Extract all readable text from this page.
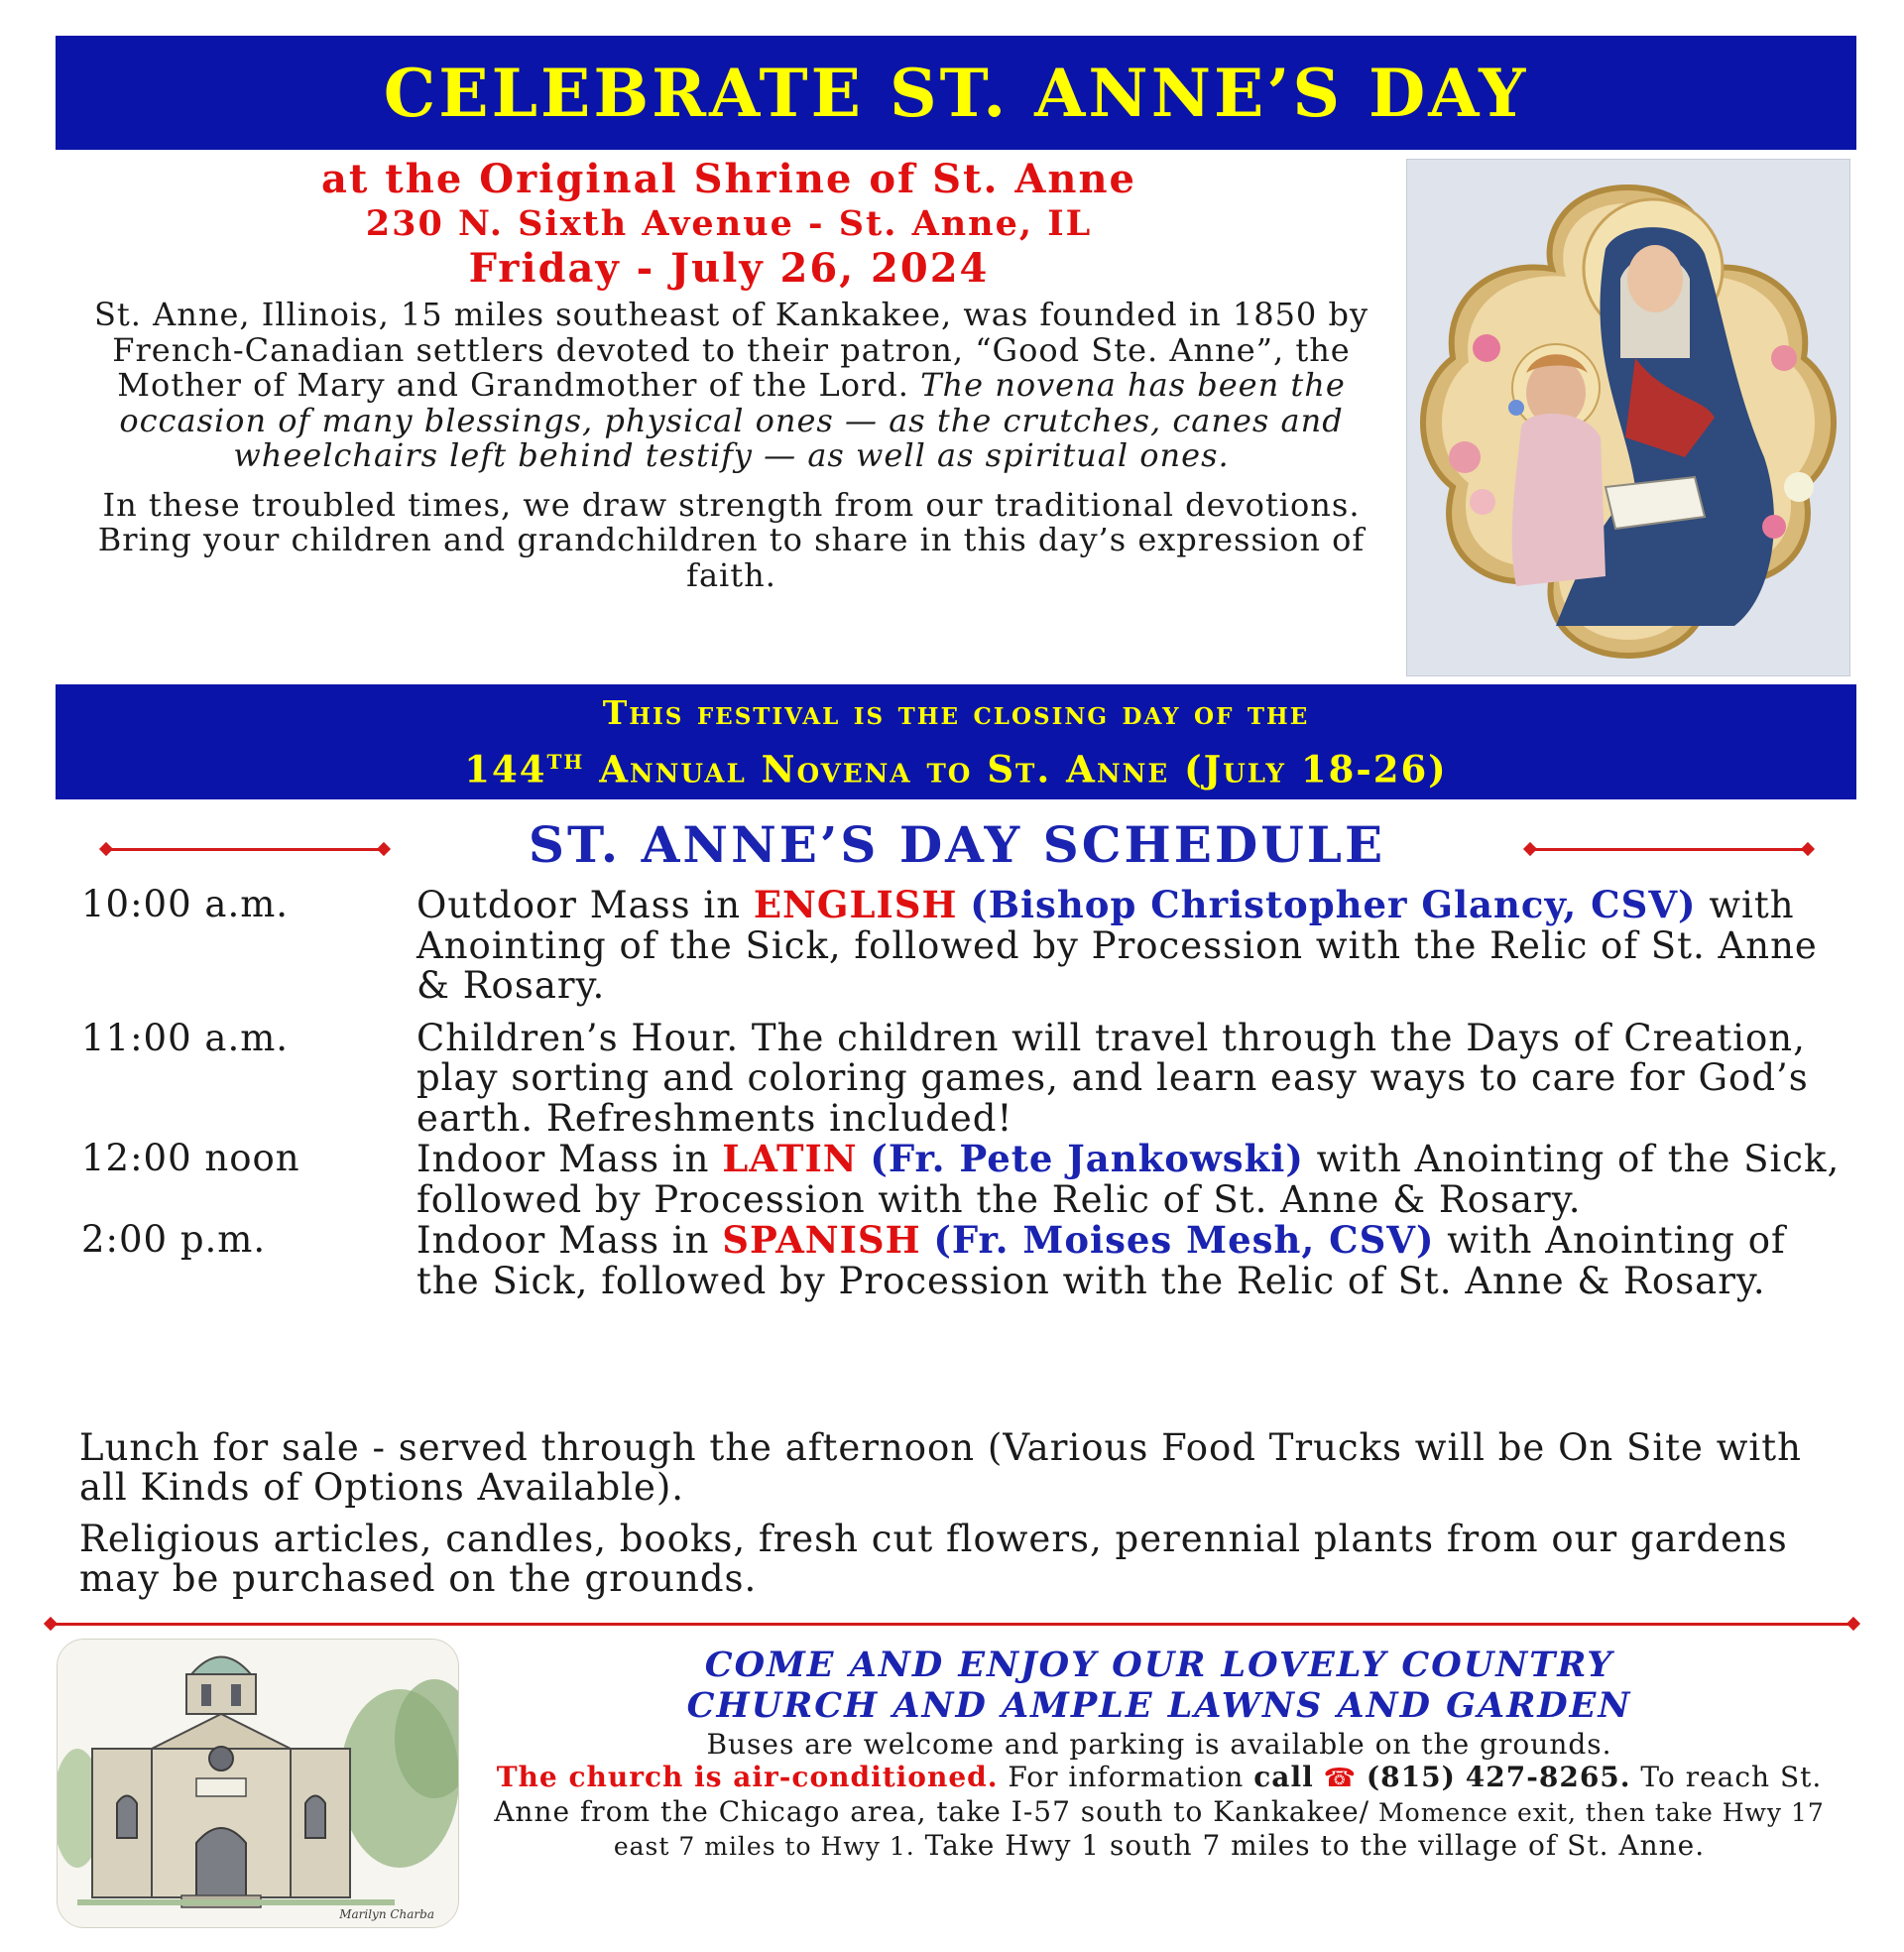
CELEBRATE ST. ANNE’S DAY
at the Original Shrine of St. Anne
230 N. Sixth Avenue - St. Anne, IL
Friday - July 26, 2024

St. Anne, Illinois, 15 miles southeast of Kankakee, was founded in 1850 by French-Canadian settlers devoted to their patron, “Good Ste. Anne”, the Mother of Mary and Grandmother of the Lord. The novena has been the occasion of many blessings, physical ones — as the crutches, canes and wheelchairs left behind testify — as well as spiritual ones.

In these troubled times, we draw strength from our traditional devotions. Bring your children and grandchildren to share in this day’s expression of faith.

This festival is the closing day of the
144TH Annual Novena to St. Anne (July 18-26)
ST. ANNE’S DAY SCHEDULE
10:00 a.m.	Outdoor Mass in ENGLISH (Bishop Christopher Glancy, CSV) with Anointing of the Sick, followed by Procession with the Relic of St. Anne & Rosary.
11:00 a.m.	Children’s Hour. The children will travel through the Days of Creation, play sorting and coloring games, and learn easy ways to care for God’s earth. Refreshments included!
12:00 noon	Indoor Mass in LATIN (Fr. Pete Jankowski) with Anointing of the Sick, followed by Procession with the Relic of St. Anne & Rosary.
2:00 p.m.	Indoor Mass in SPANISH (Fr. Moises Mesh, CSV) with Anointing of the Sick, followed by Procession with the Relic of St. Anne & Rosary.

Lunch for sale - served through the afternoon (Various Food Trucks will be On Site with all Kinds of Options Available).

Religious articles, candles, books, fresh cut flowers, perennial plants from our gardens may be purchased on the grounds.

Marilyn Charba
COME AND ENJOY OUR LOVELY COUNTRY
CHURCH AND AMPLE LAWNS AND GARDEN
Buses are welcome and parking is available on the grounds.
The church is air-conditioned. For information call ☎ (815) 427-8265. To reach St. Anne from the Chicago area, take I-57 south to Kankakee/ Momence exit, then take Hwy 17 east 7 miles to Hwy 1. Take Hwy 1 south 7 miles to the village of St. Anne.
